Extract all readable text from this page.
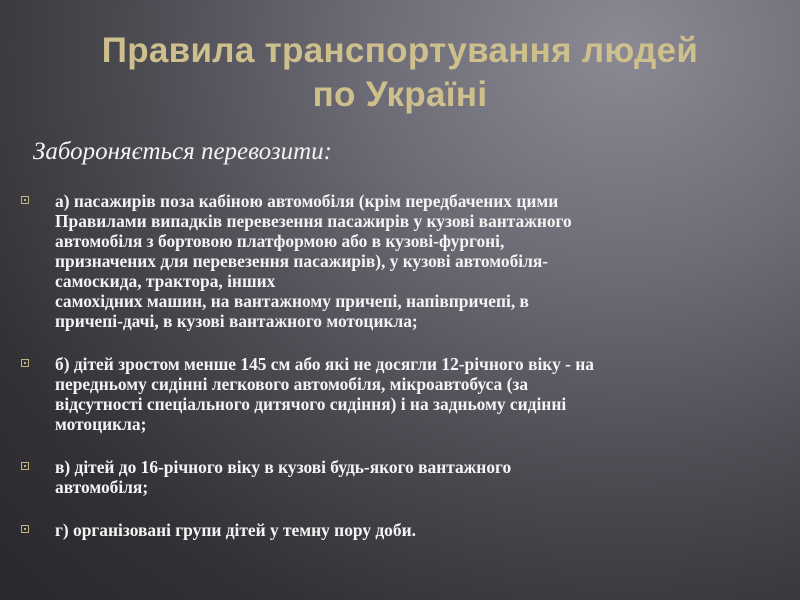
Правила транспортування людей
по Україні
Забороняється перевозити:
а) пасажирів поза кабіною автомобіля (крім передбачених цими
Правилами випадків перевезення пасажирів у кузові вантажного
автомобіля з бортовою платформою або в кузові-фургоні,
призначених для перевезення пасажирів), у кузові автомобіля-
самоскида, трактора, інших
самохідних машин, на вантажному причепі, напівпричепі, в
причепі-дачі, в кузові вантажного мотоцикла;
б) дітей зростом менше 145 см або які не досягли 12-річного віку - на
передньому сидінні легкового автомобіля, мікроавтобуса (за
відсутності спеціального дитячого сидіння) і на задньому сидінні
мотоцикла;
в) дітей до 16-річного віку в кузові будь-якого вантажного
автомобіля;
г) організовані групи дітей у темну пору доби.
